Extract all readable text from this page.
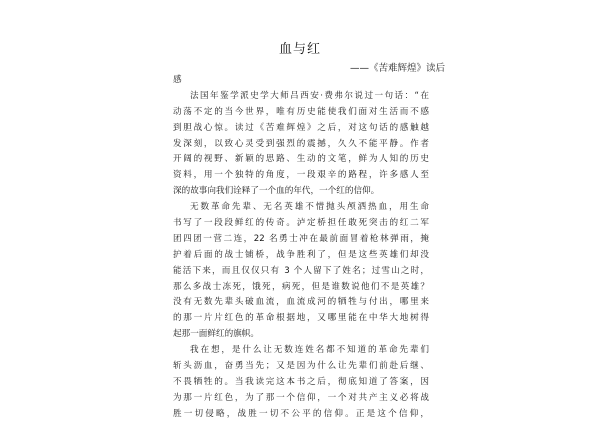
血与红
——《苦难辉煌》读后
感
法国年鉴学派史学大师吕西安·费弗尔说过一句话：“在
动荡不定的当今世界，唯有历史能使我们面对生活而不感
到胆战心惊。读过《苦难辉煌》之后，对这句话的感触越
发深刻，以致心灵受到强烈的震撼，久久不能平静。作者
开阔的视野、新颖的思路、生动的文笔，鲜为人知的历史
资料，用一个独特的角度，一段艰辛的路程，许多感人至
深的故事向我们诠释了一个血的年代，一个红的信仰。
无数革命先辈、无名英雄不惜抛头颅洒热血，用生命
书写了一段段鲜红的传奇。泸定桥担任敢死突击的红二军
团四团一营二连，22 名勇士冲在最前面冒着枪林弹雨，掩
护着后面的战士铺桥，战争胜利了，但是这些英雄们却没
能活下来，而且仅仅只有 3 个人留下了姓名；过雪山之时，
那么多战士冻死，饿死，病死，但是谁数说他们不是英雄？
没有无数先辈头破血流，血流成河的牺牲与付出，哪里来
的那一片片红色的革命根据地，又哪里能在中华大地树得
起那一面鲜红的旗帜。
我在想，是什么让无数连姓名都不知道的革命先辈们
斩头沥血，奋勇当先；又是因为什么让先辈们前赴后继、
不畏牺牲的。当我读完这本书之后，彻底知道了答案，因
为那一片红色，为了那一个信仰，一个对共产主义必将战
胜一切侵略，战胜一切不公平的信仰。正是这个信仰，
